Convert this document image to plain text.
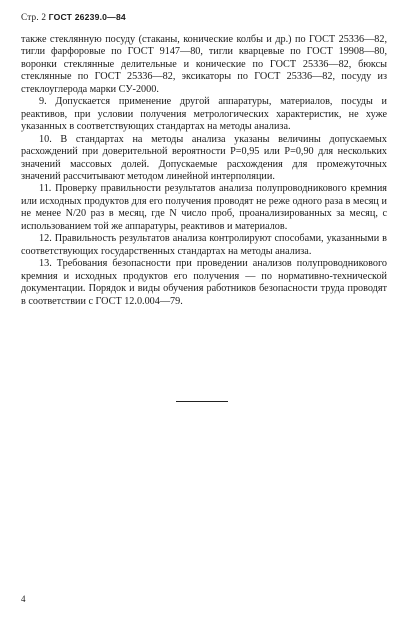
Стр. 2 ГОСТ 26239.0—84

также стеклянную посуду (стаканы, конические колбы и др.) по ГОСТ 25336—82, тигли фарфоровые по ГОСТ 9147—80, тигли кварцевые по ГОСТ 19908—80, воронки стеклянные делительные и конические по ГОСТ 25336—82, бюксы стеклянные по ГОСТ 25336—82, эксикаторы по ГОСТ 25336—82, посуду из стеклоуглерода марки СУ-2000.

9. Допускается применение другой аппаратуры, материалов, посуды и реактивов, при условии получения метрологических характеристик, не хуже указанных в соответствующих стандартах на методы анализа.

10. В стандартах на методы анализа указаны величины допускаемых расхождений при доверительной вероятности P=0,95 или P=0,90 для нескольких значений массовых долей. Допускаемые расхождения для промежуточных значений рассчитывают методом линейной интерполяции.

11. Проверку правильности результатов анализа полупроводникового кремния или исходных продуктов для его получения проводят не реже одного раза в месяц и не менее N/20 раз в месяц, где N число проб, проанализированных за месяц, с использованием той же аппаратуры, реактивов и материалов.

12. Правильность результатов анализа контролируют способами, указанными в соответствующих государственных стандартах на методы анализа.

13. Требования безопасности при проведении анализов полупроводникового кремния и исходных продуктов его получения — по нормативно-технической документации. Порядок и виды обучения работников безопасности труда проводят в соответствии с ГОСТ 12.0.004—79.

4
